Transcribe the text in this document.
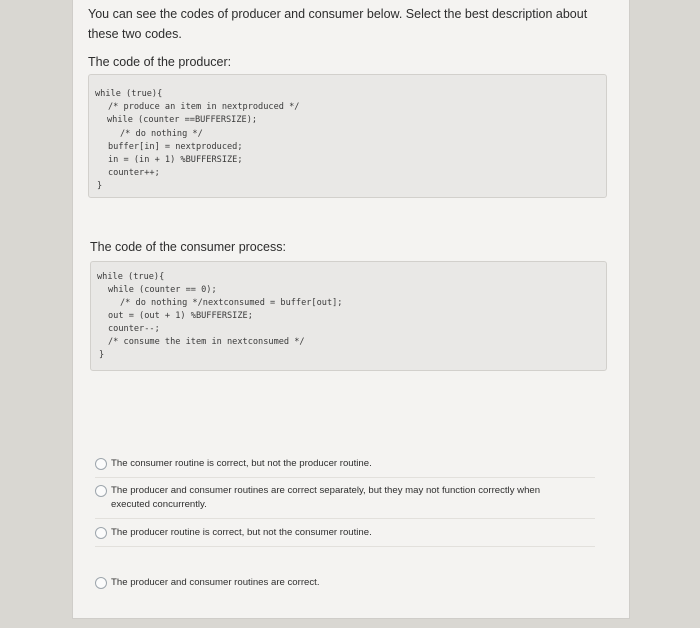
You can see the codes of producer and consumer below. Select the best description about these two codes.
The code of the producer:
while (true){
/* produce an item in nextproduced */
while (counter ==BUFFERSIZE);
/* do nothing */
buffer[in] = nextproduced;
in = (in + 1) %BUFFERSIZE;
counter++;
}
The code of the consumer process:
while (true){
while (counter == 0);
/* do nothing */nextconsumed = buffer[out];
out = (out + 1) %BUFFERSIZE;
counter--;
/* consume the item in nextconsumed */
}
The consumer routine is correct, but not the producer routine.
The producer and consumer routines are correct separately, but they may not function correctly when executed concurrently.
The producer routine is correct, but not the consumer routine.
The producer and consumer routines are correct.
